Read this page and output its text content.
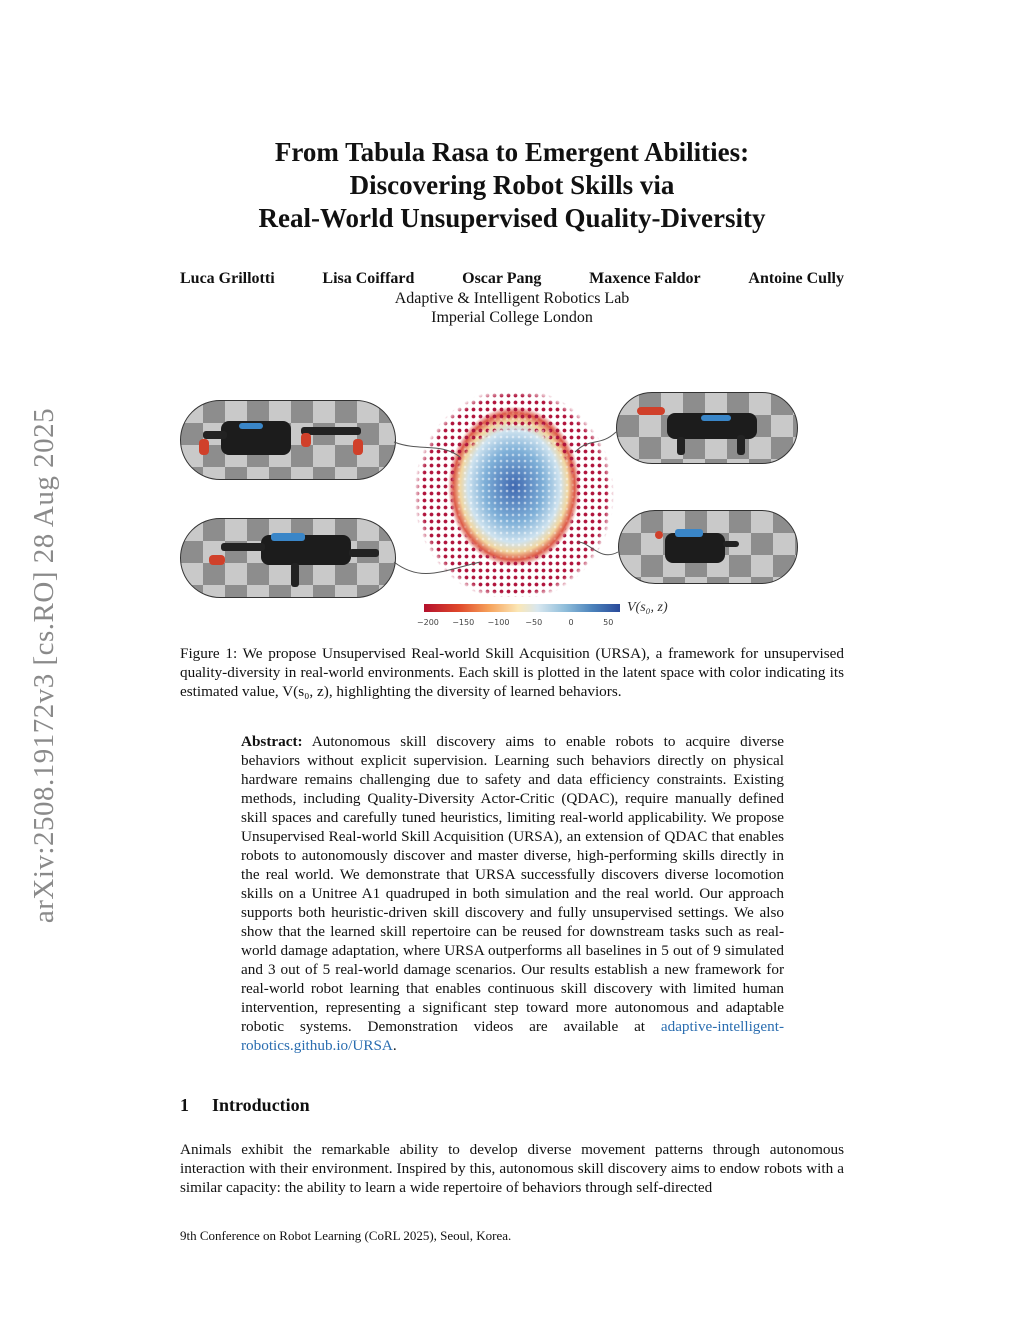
arXiv:2508.19172v3 [cs.RO] 28 Aug 2025
From Tabula Rasa to Emergent Abilities:
Discovering Robot Skills via
Real-World Unsupervised Quality-Diversity
Luca Grillotti	Lisa Coiffard	Oscar Pang	Maxence Faldor	Antoine Cully
Adaptive & Intelligent Robotics Lab
Imperial College London
−200 −150 −100 −50	0	50
V(s₀, z)
Figure 1: We propose Unsupervised Real-world Skill Acquisition (URSA), a framework for unsupervised quality-diversity in real-world environments. Each skill is plotted in the latent space with color indicating its estimated value, V(s₀, z), highlighting the diversity of learned behaviors.
Abstract: Autonomous skill discovery aims to enable robots to acquire diverse behaviors without explicit supervision. Learning such behaviors directly on physical hardware remains challenging due to safety and data efficiency constraints. Existing methods, including Quality-Diversity Actor-Critic (QDAC), require manually defined skill spaces and carefully tuned heuristics, limiting real-world applicability. We propose Unsupervised Real-world Skill Acquisition (URSA), an extension of QDAC that enables robots to autonomously discover and master diverse, high-performing skills directly in the real world. We demonstrate that URSA successfully discovers diverse locomotion skills on a Unitree A1 quadruped in both simulation and the real world. Our approach supports both heuristic-driven skill discovery and fully unsupervised settings. We also show that the learned skill repertoire can be reused for downstream tasks such as real-world damage adaptation, where URSA outperforms all baselines in 5 out of 9 simulated and 3 out of 5 real-world damage scenarios. Our results establish a new framework for real-world robot learning that enables continuous skill discovery with limited human intervention, representing a significant step toward more autonomous and adaptable robotic systems. Demonstration videos are available at adaptive-intelligent-robotics.github.io/URSA.
1 Introduction
Animals exhibit the remarkable ability to develop diverse movement patterns through autonomous interaction with their environment. Inspired by this, autonomous skill discovery aims to endow robots with a similar capacity: the ability to learn a wide repertoire of behaviors through self-directed
9th Conference on Robot Learning (CoRL 2025), Seoul, Korea.
